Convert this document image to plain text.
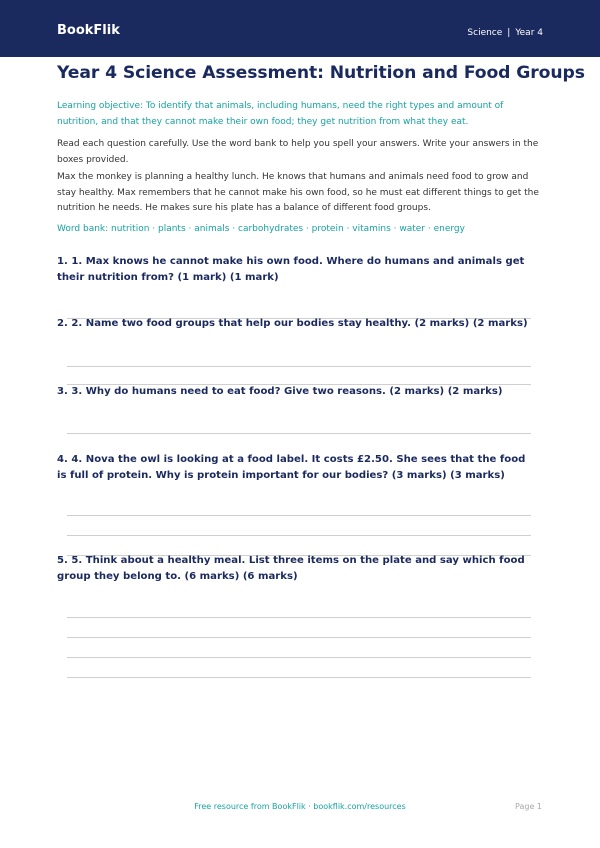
BookFlik	Science | Year 4
Year 4 Science Assessment: Nutrition and Food Groups

Learning objective: To identify that animals, including humans, need the right types and amount of nutrition, and that they cannot make their own food; they get nutrition from what they eat.

Read each question carefully. Use the word bank to help you spell your answers. Write your answers in the boxes provided.

Max the monkey is planning a healthy lunch. He knows that humans and animals need food to grow and stay healthy. Max remembers that he cannot make his own food, so he must eat different things to get the nutrition he needs. He makes sure his plate has a balance of different food groups.

Word bank: nutrition · plants · animals · carbohydrates · protein · vitamins · water · energy

1. 1. Max knows he cannot make his own food. Where do humans and animals get their nutrition from? (1 mark) (1 mark)

2. 2. Name two food groups that help our bodies stay healthy. (2 marks) (2 marks)

3. 3. Why do humans need to eat food? Give two reasons. (2 marks) (2 marks)

4. 4. Nova the owl is looking at a food label. It costs £2.50. She sees that the food is full of protein. Why is protein important for our bodies? (3 marks) (3 marks)

5. 5. Think about a healthy meal. List three items on the plate and say which food group they belong to. (6 marks) (6 marks)

Free resource from BookFlik · bookflik.com/resources	Page 1
